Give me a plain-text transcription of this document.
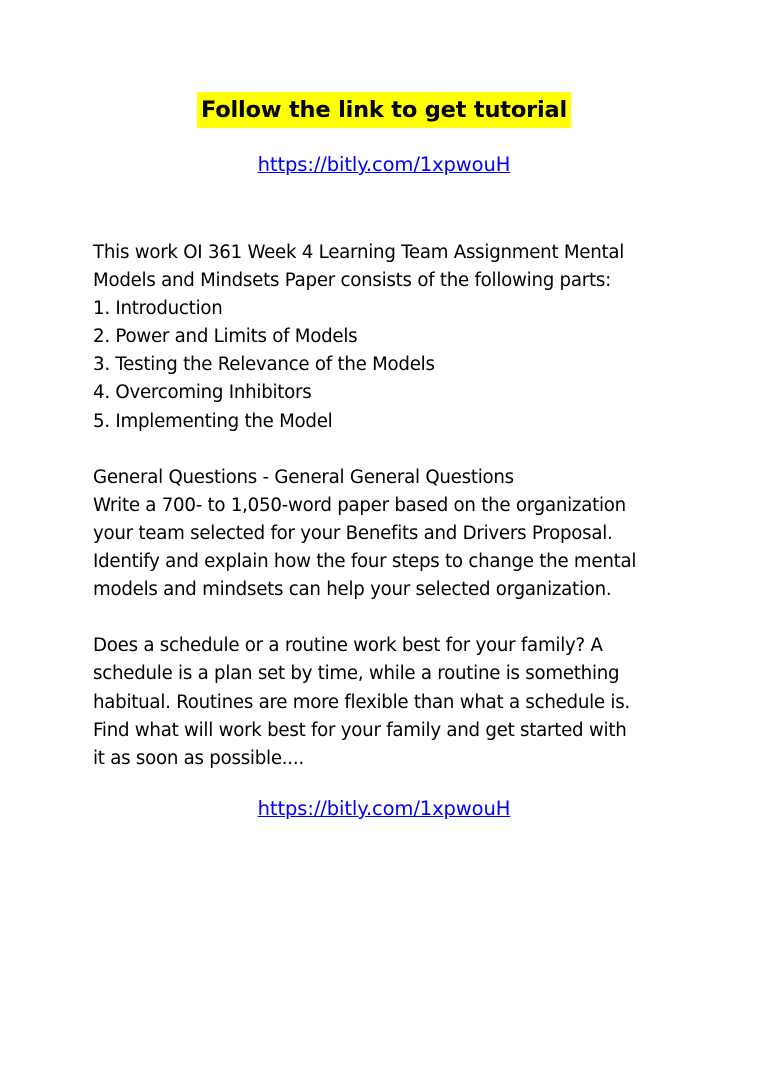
Follow the link to get tutorial
https://bitly.com/1xpwouH

This work OI 361 Week 4 Learning Team Assignment Mental

Models and Mindsets Paper consists of the following parts:

1. Introduction

2. Power and Limits of Models

3. Testing the Relevance of the Models

4. Overcoming Inhibitors

5. Implementing the Model

General Questions - General General Questions

Write a 700- to 1,050-word paper based on the organization

your team selected for your Benefits and Drivers Proposal.

Identify and explain how the four steps to change the mental

models and mindsets can help your selected organization.

Does a schedule or a routine work best for your family? A

schedule is a plan set by time, while a routine is something

habitual. Routines are more flexible than what a schedule is.

Find what will work best for your family and get started with

it as soon as possible....

https://bitly.com/1xpwouH
